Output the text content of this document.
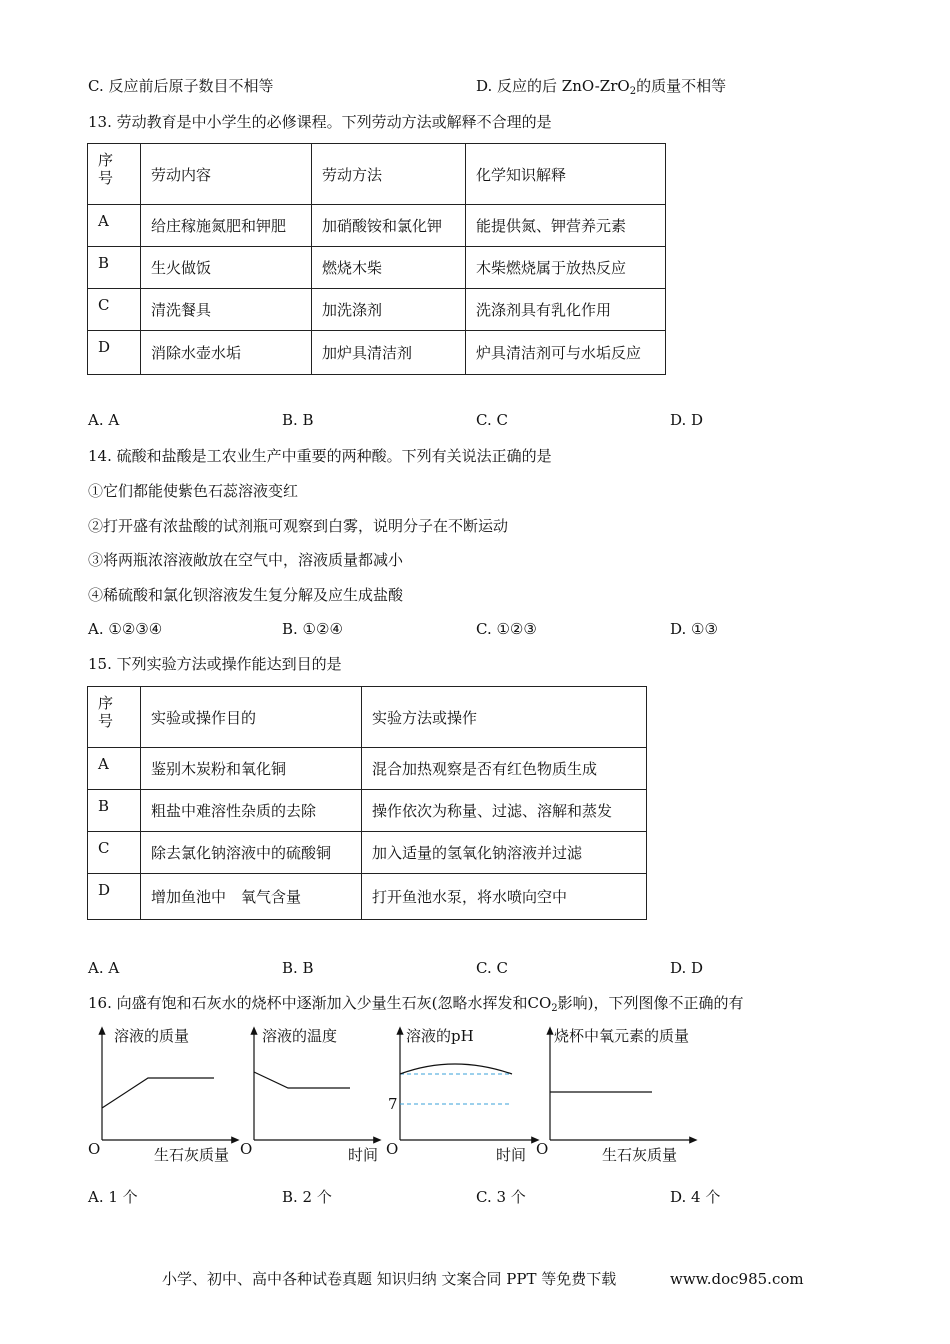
C. 反应前后原子数目不相等	D. 反应的后 ZnO-ZrO$_2$的质量不相等
13. 劳动教育是中小学生的必修课程。下列劳动方法或解释不合理的是
序
号	劳动内容	劳动方法	化学知识解释
A	给庄稼施氮肥和钾肥	加硝酸铵和氯化钾	能提供氮、钾营养元素
B	生火做饭	燃烧木柴	木柴燃烧属于放热反应
C	清洗餐具	加洗涤剂	洗涤剂具有乳化作用
D	消除水壶水垢	加炉具清洁剂	炉具清洁剂可与水垢反应
A. A	B. B	C. C	D. D
14. 硫酸和盐酸是工农业生产中重要的两种酸。下列有关说法正确的是
①它们都能使紫色石蕊溶液变红
②打开盛有浓盐酸的试剂瓶可观察到白雾，说明分子在不断运动
③将两瓶浓溶液敞放在空气中，溶液质量都减小
④稀硫酸和氯化钡溶液发生复分解及应生成盐酸
A. ①②③④	B. ①②④	C. ①②③	D. ①③
15. 下列实验方法或操作能达到目的是
序
号	实验或操作目的	实验方法或操作
A	鉴别木炭粉和氧化铜	混合加热观察是否有红色物质生成
B	粗盐中难溶性杂质的去除	操作依次为称量、过滤、溶解和蒸发
C	除去氯化钠溶液中的硫酸铜	加入适量的氢氧化钠溶液并过滤
D	增加鱼池中　氧气含量	打开鱼池水泵，将水喷向空中
A. A	B. B	C. C	D. D
16. 向盛有饱和石灰水的烧杯中逐渐加入少量生石灰(忽略水挥发和$CO_2$影响)，下列图像不正确的有
溶液的质量
O	生石灰质量
溶液的温度
O	时间
溶液的pH
7
O	时间
烧杯中氧元素的质量
O	生石灰质量
A. 1 个	B. 2 个	C. 3 个	D. 4 个
小学、初中、高中各种试卷真题 知识归纳 文案合同 PPT 等免费下载	www.doc985.com
